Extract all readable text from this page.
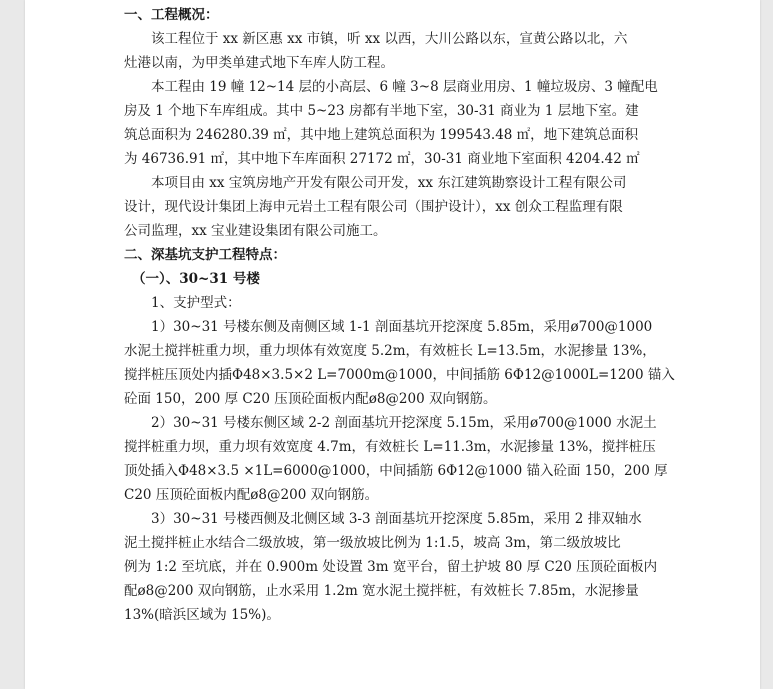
一、工程概况：
该工程位于 xx 新区惠 xx 市镇，听 xx 以西，大川公路以东，宣黄公路以北，六
灶港以南，为甲类单建式地下车库人防工程。
本工程由 19 幢 12~14 层的小高层、6 幢 3~8 层商业用房、1 幢垃圾房、3 幢配电
房及 1 个地下车库组成。其中 5~23 房都有半地下室，30-31 商业为 1 层地下室。建
筑总面积为 246280.39 ㎡，其中地上建筑总面积为 199543.48 ㎡，地下建筑总面积
为 46736.91 ㎡，其中地下车库面积 27172 ㎡，30-31 商业地下室面积 4204.42 ㎡
本项目由 xx 宝筑房地产开发有限公司开发，xx 东江建筑勘察设计工程有限公司
设计，现代设计集团上海申元岩土工程有限公司（围护设计），xx 创众工程监理有限
公司监理，xx 宝业建设集团有限公司施工。
二、深基坑支护工程特点：
（一）、30~31 号楼
1、支护型式：
1）30~31 号楼东侧及南侧区域 1-1 剖面基坑开挖深度 5.85m，采用ø700@1000
水泥土搅拌桩重力坝，重力坝体有效宽度 5.2m，有效桩长 L=13.5m，水泥掺量 13%，
搅拌桩压顶处内插Φ48×3.5×2 L=7000m@1000，中间插筋 6Φ12@1000L=1200 锚入
砼面 150，200 厚 C20 压顶砼面板内配ø8@200 双向钢筋。
2）30~31 号楼东侧区域 2-2 剖面基坑开挖深度 5.15m，采用ø700@1000 水泥土
搅拌桩重力坝，重力坝有效宽度 4.7m，有效桩长 L=11.3m，水泥掺量 13%，搅拌桩压
顶处插入Φ48×3.5 ×1L=6000@1000，中间插筋 6Φ12@1000 锚入砼面 150，200 厚
C20 压顶砼面板内配ø8@200 双向钢筋。
3）30~31 号楼西侧及北侧区域 3-3 剖面基坑开挖深度 5.85m，采用 2 排双轴水
泥土搅拌桩止水结合二级放坡，第一级放坡比例为 1:1.5，坡高 3m，第二级放坡比
例为 1:2 至坑底，并在 0.900m 处设置 3m 宽平台，留土护坡 80 厚 C20 压顶砼面板内
配ø8@200 双向钢筋，止水采用 1.2m 宽水泥土搅拌桩，有效桩长 7.85m，水泥掺量
13%(暗浜区域为 15%)。
